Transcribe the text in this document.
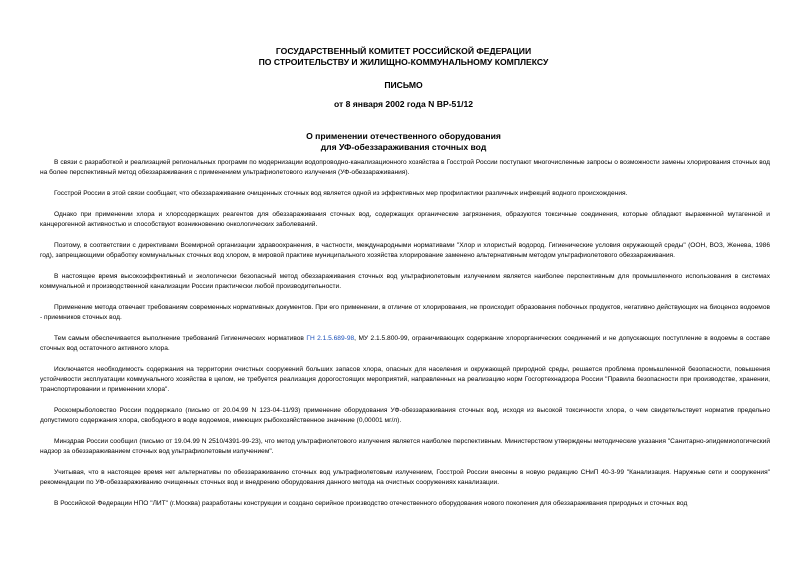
ГОСУДАРСТВЕННЫЙ КОМИТЕТ РОССИЙСКОЙ ФЕДЕРАЦИИ
ПО СТРОИТЕЛЬСТВУ И ЖИЛИЩНО-КОММУНАЛЬНОМУ КОМПЛЕКСУ
ПИСЬМО
от 8 января 2002 года N ВР-51/12
О применении отечественного оборудования
для УФ-обеззараживания сточных вод

В связи с разработкой и реализацией региональных программ по модернизации водопроводно-канализационного хозяйства в Госстрой России поступают многочисленные запросы о возможности замены хлорирования сточных вод на более перспективный метод обеззараживания с применением ультрафиолетового излучения (УФ-обеззараживания).

Госстрой России в этой связи сообщает, что обеззараживание очищенных сточных вод является одной из эффективных мер профилактики различных инфекций водного происхождения.

Однако при применении хлора и хлорсодержащих реагентов для обеззараживания сточных вод, содержащих органические загрязнения, образуются токсичные соединения, которые обладают выраженной мутагенной и канцерогенной активностью и способствуют возникновению онкологических заболеваний.

Поэтому, в соответствии с директивами Всемирной организации здравоохранения, в частности, международными нормативами "Хлор и хлористый водород. Гигиенические условия окружающей среды" (ООН, ВОЗ, Женева, 1986 год), запрещающими обработку коммунальных сточных вод хлором, в мировой практике муниципального хозяйства хлорирование заменено альтернативным методом ультрафиолетового обеззараживания.

В настоящее время высокоэффективный и экологически безопасный метод обеззараживания сточных вод ультрафиолетовым излучением является наиболее перспективным для промышленного использования в системах коммунальной и производственной канализации России практически любой производительности.

Применение метода отвечает требованиям современных нормативных документов. При его применении, в отличие от хлорирования, не происходит образования побочных продуктов, негативно действующих на биоценоз водоемов - приемников сточных вод.

Тем самым обеспечивается выполнение требований Гигиенических нормативов ГН 2.1.5.689-98, МУ 2.1.5.800-99, ограничивающих содержание хлорорганических соединений и не допускающих поступление в водоемы в составе сточных вод остаточного активного хлора.

Исключается необходимость содержания на территории очистных сооружений больших запасов хлора, опасных для населения и окружающей природной среды, решается проблема промышленной безопасности, повышения устойчивости эксплуатации коммунального хозяйства в целом, не требуется реализация дорогостоящих мероприятий, направленных на реализацию норм Госгортехнадзора России "Правила безопасности при производстве, хранении, транспортировании и применении хлора".

Роскомрыболовство России поддержало (письмо от 20.04.99 N 123-04-11/93) применение оборудования УФ-обеззараживания сточных вод, исходя из высокой токсичности хлора, о чем свидетельствует норматив предельно допустимого содержания хлора, свободного в воде водоемов, имеющих рыбохозяйственное значение (0,00001 мг/л).

Минздрав России сообщил (письмо от 19.04.99 N 2510/4391-99-23), что метод ультрафиолетового излучения является наиболее перспективным. Министерством утверждены методические указания "Санитарно-эпидемиологический надзор за обеззараживанием сточных вод ультрафиолетовым излучением".

Учитывая, что в настоящее время нет альтернативы по обеззараживанию сточных вод ультрафиолетовым излучением, Госстрой России внесены в новую редакцию СНиП 40-3-99 "Канализация. Наружные сети и сооружения" рекомендации по УФ-обеззараживанию очищенных сточных вод и внедрению оборудования данного метода на очистных сооружениях канализации.

В Российской Федерации НПО "ЛИТ" (г.Москва) разработаны конструкции и создано серийное производство отечественного оборудования нового поколения для обеззараживания природных и сточных вод
